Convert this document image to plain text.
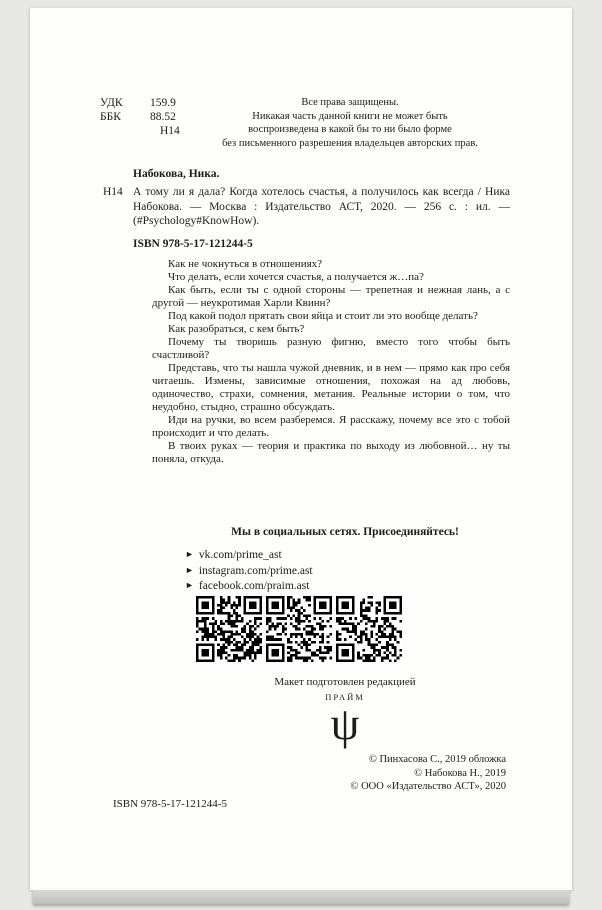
УДК 159.9
ББК	88.52
Н14
Все права защищены.
Никакая часть данной книги не может быть
воспроизведена в какой бы то ни было форме
без письменного разрешения владельцев авторских прав.
Набокова, Ника.
Н14 А тому ли я дала? Когда хотелось счастья, а получилось как всегда / Ника Набокова. — Москва : Издательство АСТ, 2020. — 256 с. : ил. — (#Psychology#KnowHow).
ISBN 978-5-17-121244-5

Как не чокнуться в отношениях?

Что делать, если хочется счастья, а получается ж…па?

Как быть, если ты с одной стороны — трепетная и нежная лань, а с другой — неукротимая Харли Квинн?

Под какой подол прятать свои яйца и стоит ли это вообще делать?

Как разобраться, с кем быть?

Почему ты творишь разную фигню, вместо того чтобы быть счастливой?

Представь, что ты нашла чужой дневник, и в нем — прямо как про себя читаешь. Измены, зависимые отношения, похожая на ад любовь, одиночество, страхи, сомнения, метания. Реальные истории о том, что неудобно, стыдно, страшно обсуждать.

Иди на ручки, во всем разберемся. Я расскажу, почему все это с тобой происходит и что делать.

В твоих руках — теория и практика по выходу из любовной… ну ты поняла, откуда.

Мы в социальных сетях. Присоединяйтесь!
► vk.com/prime_ast
► instagram.com/prime.ast
► facebook.com/praim.ast
Макет подготовлен редакцией
ПРАЙМ
ψ
© Пинхасова С., 2019 обложка
© Набокова Н., 2019
© ООО «Издательство АСТ», 2020
ISBN 978-5-17-121244-5
